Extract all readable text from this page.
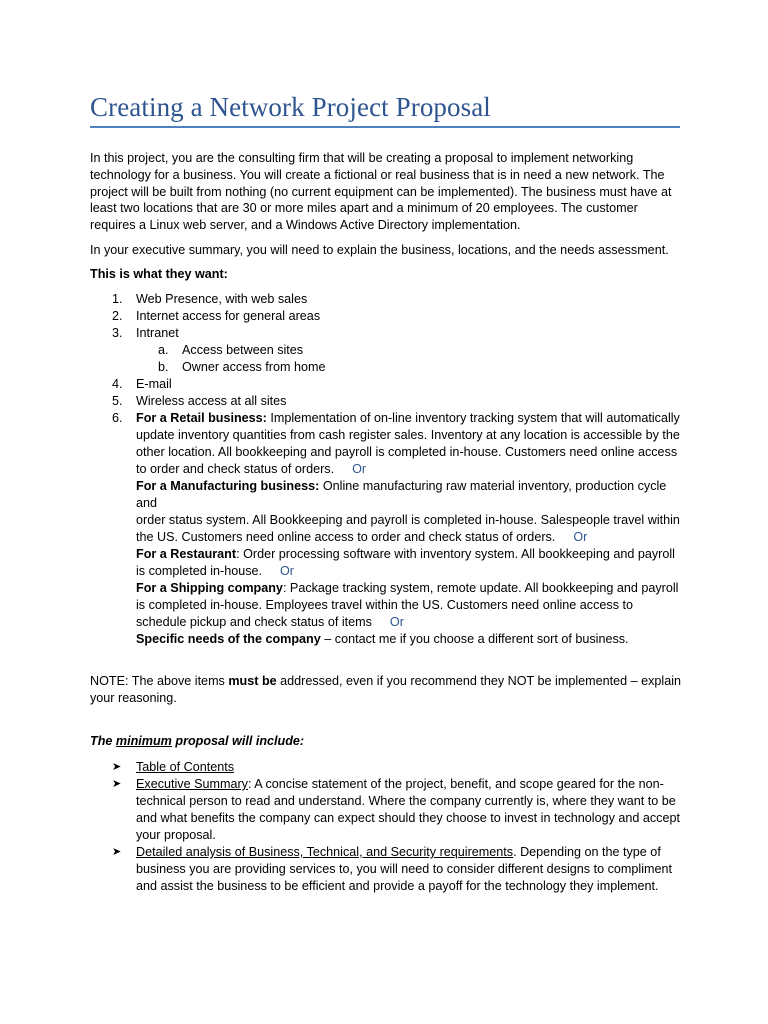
Creating a Network Project Proposal

In this project, you are the consulting firm that will be creating a proposal to implement networking technology for a business. You will create a fictional or real business that is in need a new network. The project will be built from nothing (no current equipment can be implemented). The business must have at least two locations that are 30 or more miles apart and a minimum of 20 employees. The customer requires a Linux web server, and a Windows Active Directory implementation.

In your executive summary, you will need to explain the business, locations, and the needs assessment.

This is what they want:

1. Web Presence, with web sales
2. Internet access for general areas
3. Intranet
a. Access between sites
b. Owner access from home
4. E-mail
5. Wireless access at all sites
6. For a Retail business: Implementation of on-line inventory tracking system that will automatically update inventory quantities from cash register sales. Inventory at any location is accessible by the other location. All bookkeeping and payroll is completed in-house. Customers need online access to order and check status of orders. Or
For a Manufacturing business: Online manufacturing raw material inventory, production cycle and
order status system. All Bookkeeping and payroll is completed in-house. Salespeople travel within the US. Customers need online access to order and check status of orders. Or
For a Restaurant: Order processing software with inventory system. All bookkeeping and payroll is completed in-house. Or
For a Shipping company: Package tracking system, remote update. All bookkeeping and payroll is completed in-house. Employees travel within the US. Customers need online access to schedule pickup and check status of items Or
Specific needs of the company – contact me if you choose a different sort of business.

NOTE: The above items must be addressed, even if you recommend they NOT be implemented – explain your reasoning.

The minimum proposal will include:

➤ Table of Contents
➤ Executive Summary: A concise statement of the project, benefit, and scope geared for the non-technical person to read and understand. Where the company currently is, where they want to be and what benefits the company can expect should they choose to invest in technology and accept your proposal.
➤ Detailed analysis of Business, Technical, and Security requirements. Depending on the type of business you are providing services to, you will need to consider different designs to compliment and assist the business to be efficient and provide a payoff for the technology they implement.
